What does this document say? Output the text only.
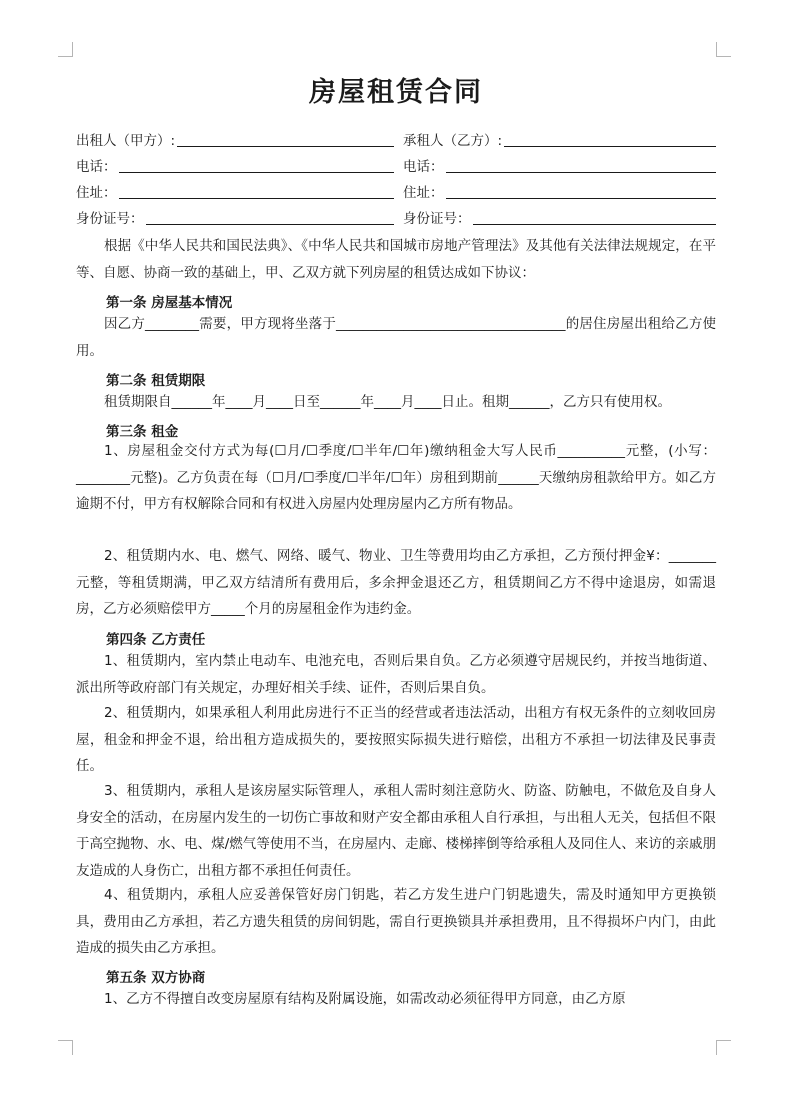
房屋租赁合同
出租人（甲方）:	承租人（乙方）:
电话：	电话：
住址：	住址：
身份证号：	身份证号：
根据《中华人民共和国民法典》、《中华人民共和国城市房地产管理法》及其他有关法律法规规定，在平等、自愿、协商一致的基础上，甲、乙双方就下列房屋的租赁达成如下协议：
第一条 房屋基本情况
因乙方________需要，甲方现将坐落于__________________________________的居住房屋出租给乙方使用。
第二条 租赁期限
租赁期限自______年____月____日至______年____月____日止。租期______，乙方只有使用权。
第三条 租金
1、房屋租金交付方式为每(☐月/☐季度/☐半年/☐年)缴纳租金大写人民币__________元整，(小写：________元整)。乙方负责在每（☐月/☐季度/☐半年/☐年）房租到期前______天缴纳房租款给甲方。如乙方逾期不付，甲方有权解除合同和有权进入房屋内处理房屋内乙方所有物品。
2、租赁期内水、电、燃气、网络、暖气、物业、卫生等费用均由乙方承担，乙方预付押金¥：_______元整，等租赁期满，甲乙双方结清所有费用后，多余押金退还乙方，租赁期间乙方不得中途退房，如需退房，乙方必须赔偿甲方_____个月的房屋租金作为违约金。
第四条 乙方责任
1、租赁期内，室内禁止电动车、电池充电，否则后果自负。乙方必须遵守居规民约，并按当地街道、派出所等政府部门有关规定，办理好相关手续、证件，否则后果自负。
2、租赁期内，如果承租人利用此房进行不正当的经营或者违法活动，出租方有权无条件的立刻收回房屋，租金和押金不退，给出租方造成损失的，要按照实际损失进行赔偿，出租方不承担一切法律及民事责任。
3、租赁期内，承租人是该房屋实际管理人，承租人需时刻注意防火、防盗、防触电，不做危及自身人身安全的活动，在房屋内发生的一切伤亡事故和财产安全都由承租人自行承担，与出租人无关，包括但不限于高空抛物、水、电、煤/燃气等使用不当，在房屋内、走廊、楼梯摔倒等给承租人及同住人、来访的亲戚朋友造成的人身伤亡，出租方都不承担任何责任。
4、租赁期内，承租人应妥善保管好房门钥匙，若乙方发生进户门钥匙遗失，需及时通知甲方更换锁具，费用由乙方承担，若乙方遗失租赁的房间钥匙，需自行更换锁具并承担费用，且不得损坏户内门，由此造成的损失由乙方承担。
第五条 双方协商
1、乙方不得擅自改变房屋原有结构及附属设施，如需改动必须征得甲方同意，由乙方原
